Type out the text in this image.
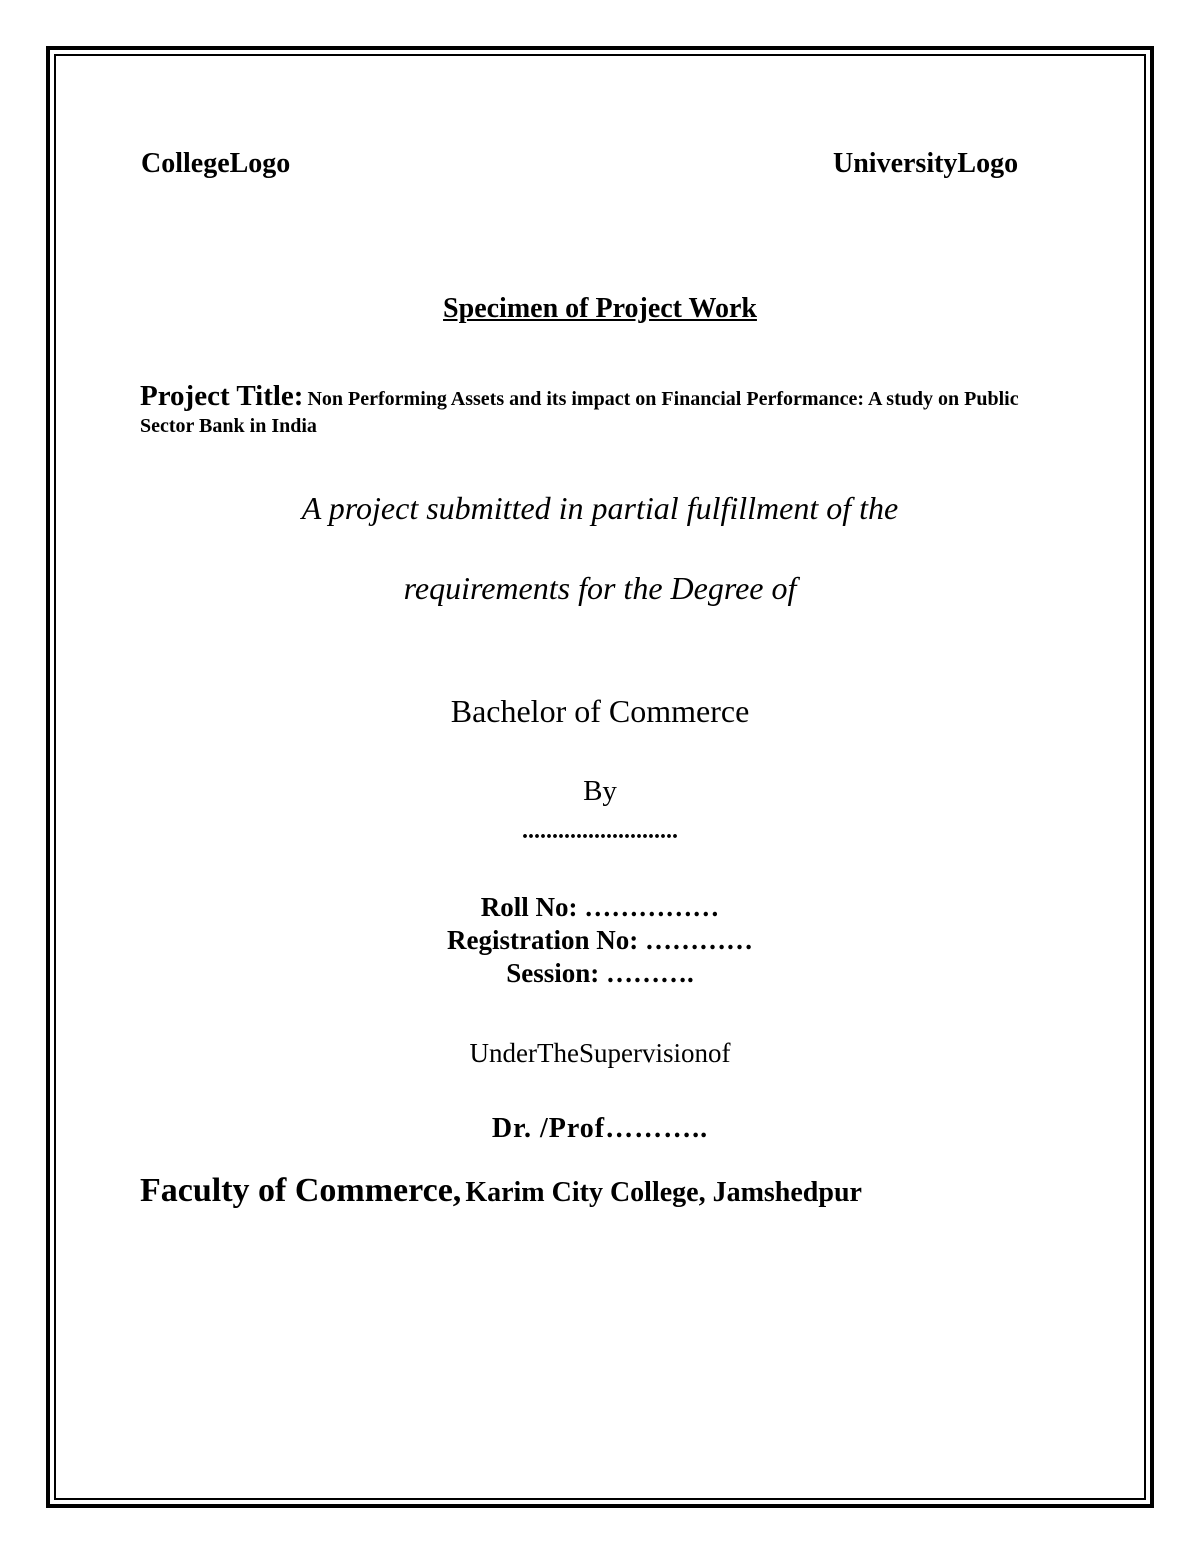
CollegeLogo	UniversityLogo
Specimen of Project Work
Project Title: Non Performing Assets and its impact on Financial Performance: A study on Public Sector Bank in India
A project submitted in partial fulfillment of the
requirements for the Degree of
Bachelor of Commerce
By
..........................
Roll No: ……………
Registration No: …………
Session: ……….
UnderTheSupervisionof
Dr. /Prof………..
Faculty of Commerce, Karim City College, Jamshedpur
